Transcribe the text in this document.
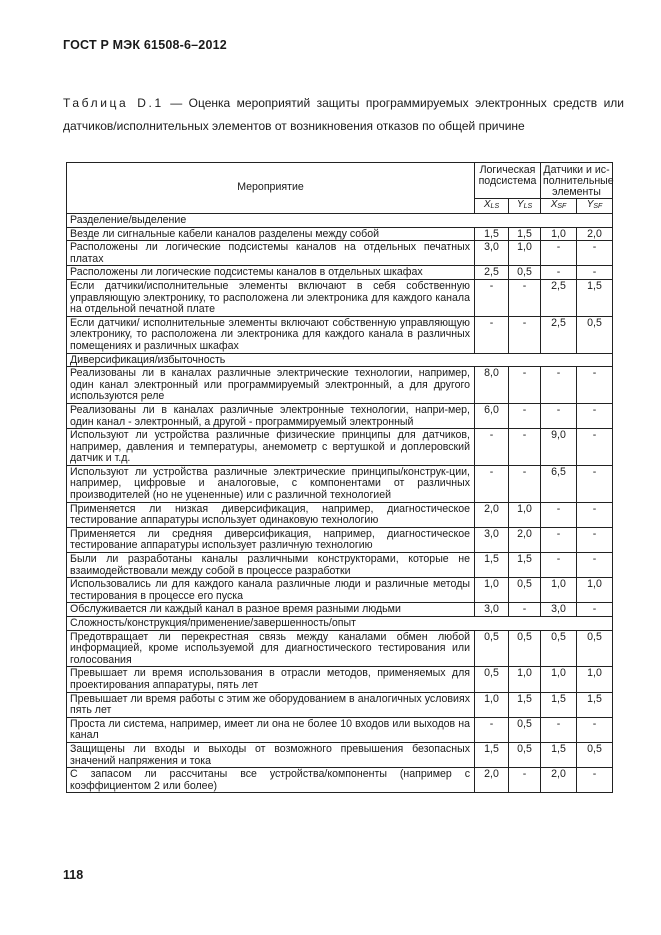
ГОСТ Р МЭК 61508-6–2012
Таблица D.1 — Оценка мероприятий защиты программируемых электронных средств или датчиков/исполнительных элементов от возникновения отказов по общей причине
Мероприятие	Логическая подсистема		Датчики и ис-полнительные элементы	
	$X_{LS}$	$Y_{LS}$	$X_{SF}$	$Y_{SF}$
Разделение/выделение				
Везде ли сигнальные кабели каналов разделены между собой	1,5	1,5	1,0	2,0
Расположены ли логические подсистемы каналов на отдельных печатных платах	3,0	1,0	-	-
Расположены ли логические подсистемы каналов в отдельных шкафах	2,5	0,5	-	-
Если датчики/исполнительные элементы включают в себя собственную управляющую электронику, то расположена ли электроника для каждого канала на отдельной печатной плате	-	-	2,5	1,5
Если датчики/ исполнительные элементы включают собственную управляющую электронику, то расположена ли электроника для каждого канала в различных помещениях и различных шкафах	-	-	2,5	0,5
Диверсификация/избыточность				
Реализованы ли в каналах различные электрические технологии, например, один канал электронный или программируемый электронный, а для другого используются реле	8,0	-	-	-
Реализованы ли в каналах различные электронные технологии, напри-мер, один канал - электронный, а другой - программируемый электронный	6,0	-	-	-
Используют ли устройства различные физические принципы для датчиков, например, давления и температуры, анемометр с вертушкой и доплеровский датчик и т.д.	-	-	9,0	-
Используют ли устройства различные электрические принципы/конструк-ции, например, цифровые и аналоговые, с компонентами от различных производителей (но не уцененные) или с различной технологией	-	-	6,5	-
Применяется ли низкая диверсификация, например, диагностическое тестирование аппаратуры использует одинаковую технологию	2,0	1,0	-	-
Применяется ли средняя диверсификация, например, диагностическое тестирование аппаратуры использует различную технологию	3,0	2,0	-	-
Были ли разработаны каналы различными конструкторами, которые не взаимодействовали между собой в процессе разработки	1,5	1,5	-	-
Использовались ли для каждого канала различные люди и различные методы тестирования в процессе его пуска	1,0	0,5	1,0	1,0
Обслуживается ли каждый канал в разное время разными людьми	3,0	-	3,0	-
Сложность/конструкция/применение/завершенность/опыт				
Предотвращает ли перекрестная связь между каналами обмен любой информацией, кроме используемой для диагностического тестирования или голосования	0,5	0,5	0,5	0,5
Превышает ли время использования в отрасли методов, применяемых для проектирования аппаратуры, пять лет	0,5	1,0	1,0	1,0
Превышает ли время работы с этим же оборудованием в аналогичных условиях пять лет	1,0	1,5	1,5	1,5
Проста ли система, например, имеет ли она не более 10 входов или выходов на канал	-	0,5	-	-
Защищены ли входы и выходы от возможного превышения безопасных значений напряжения и тока	1,5	0,5	1,5	0,5
С запасом ли рассчитаны все устройства/компоненты (например с коэффициентом 2 или более)	2,0	-	2,0	-
118
